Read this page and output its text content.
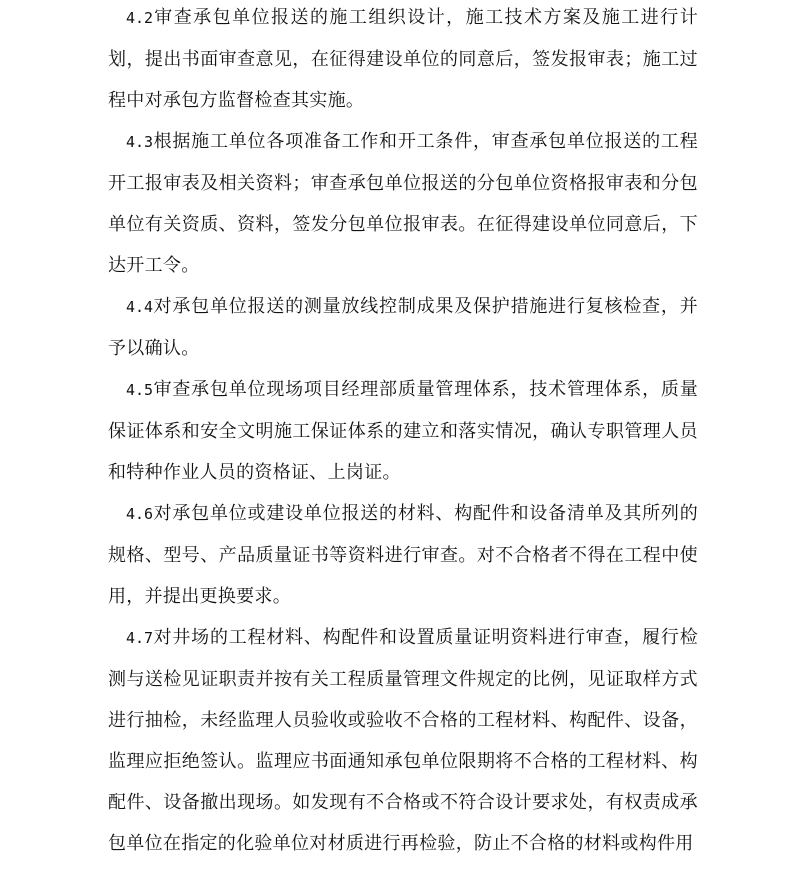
4.2审查承包单位报送的施工组织设计，施工技术方案及施工进行计划，提出书面审查意见，在征得建设单位的同意后，签发报审表；施工过程中对承包方监督检查其实施。

4.3根据施工单位各项准备工作和开工条件，审查承包单位报送的工程开工报审表及相关资料；审查承包单位报送的分包单位资格报审表和分包单位有关资质、资料，签发分包单位报审表。在征得建设单位同意后，下达开工令。

4.4对承包单位报送的测量放线控制成果及保护措施进行复核检查，并予以确认。

4.5审查承包单位现场项目经理部质量管理体系，技术管理体系，质量保证体系和安全文明施工保证体系的建立和落实情况，确认专职管理人员和特种作业人员的资格证、上岗证。

4.6对承包单位或建设单位报送的材料、构配件和设备清单及其所列的规格、型号、产品质量证书等资料进行审查。对不合格者不得在工程中使用，并提出更换要求。

4.7对井场的工程材料、构配件和设置质量证明资料进行审查，履行检测与送检见证职责并按有关工程质量管理文件规定的比例，见证取样方式进行抽检，未经监理人员验收或验收不合格的工程材料、构配件、设备，监理应拒绝签认。监理应书面通知承包单位限期将不合格的工程材料、构配件、设备撤出现场。如发现有不合格或不符合设计要求处，有权责成承包单位在指定的化验单位对材质进行再检验，防止不合格的材料或构件用
